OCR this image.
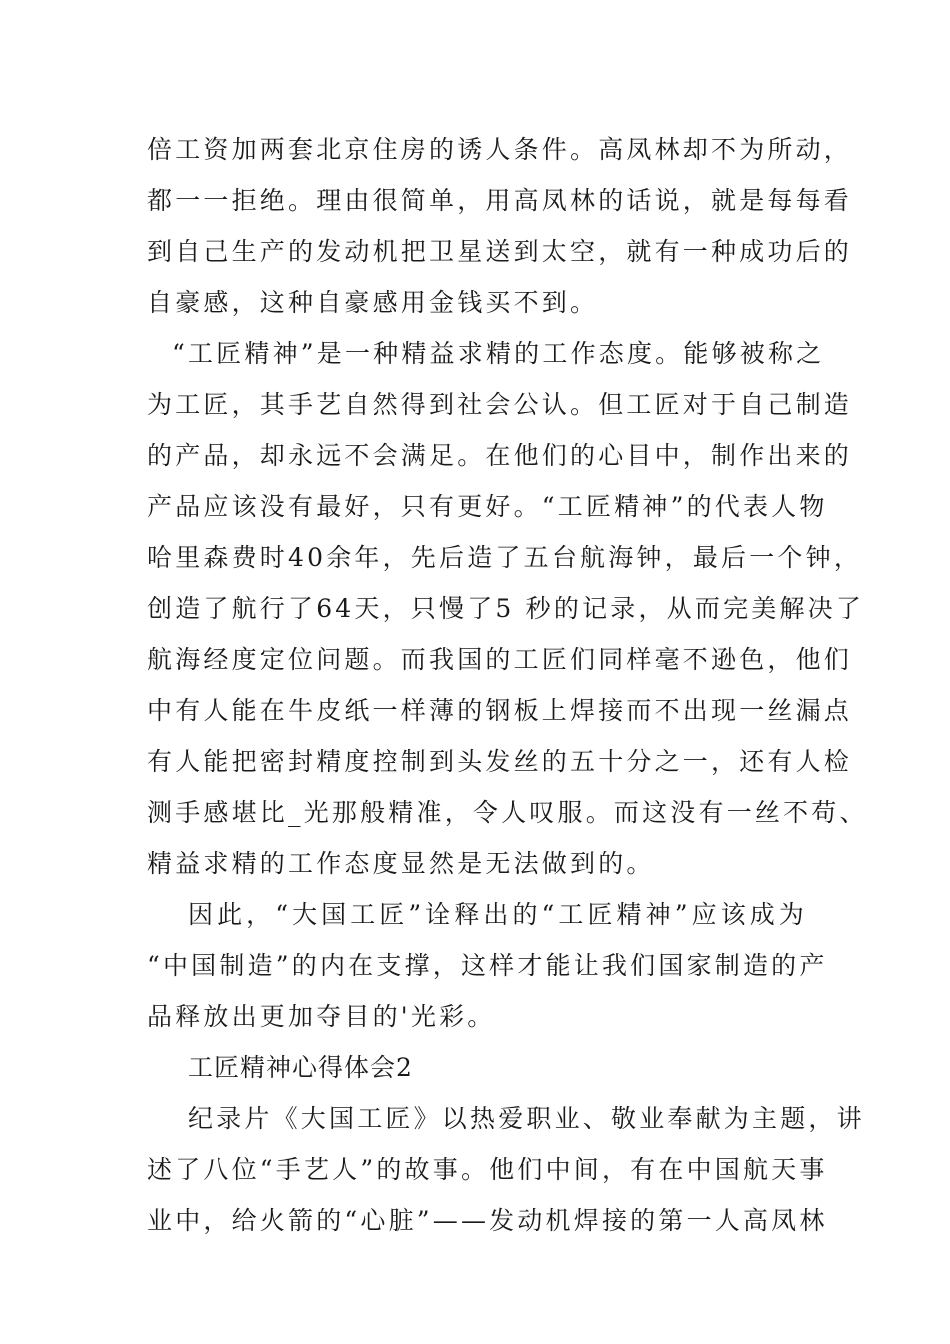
倍工资加两套北京住房的诱人条件。高凤林却不为所动，
都一一拒绝。理由很简单，用高凤林的话说，就是每每看
到自己生产的发动机把卫星送到太空，就有一种成功后的
自豪感，这种自豪感用金钱买不到。
“工匠精神”是一种精益求精的工作态度。能够被称之
为工匠，其手艺自然得到社会公认。但工匠对于自己制造
的产品，却永远不会满足。在他们的心目中，制作出来的
产品应该没有最好，只有更好。“工匠精神”的代表人物
哈里森费时40余年，先后造了五台航海钟，最后一个钟，
创造了航行了64天，只慢了5 秒的记录，从而完美解决了
航海经度定位问题。而我国的工匠们同样毫不逊色，他们
中有人能在牛皮纸一样薄的钢板上焊接而不出现一丝漏点
有人能把密封精度控制到头发丝的五十分之一，还有人检
测手感堪比_光那般精准，令人叹服。而这没有一丝不苟、
精益求精的工作态度显然是无法做到的。
因此，“大国工匠”诠释出的“工匠精神”应该成为
“中国制造”的内在支撑，这样才能让我们国家制造的产
品释放出更加夺目的'光彩。
工匠精神心得体会2
纪录片《大国工匠》以热爱职业、敬业奉献为主题，讲
述了八位“手艺人”的故事。他们中间，有在中国航天事
业中，给火箭的“心脏”——发动机焊接的第一人高凤林
